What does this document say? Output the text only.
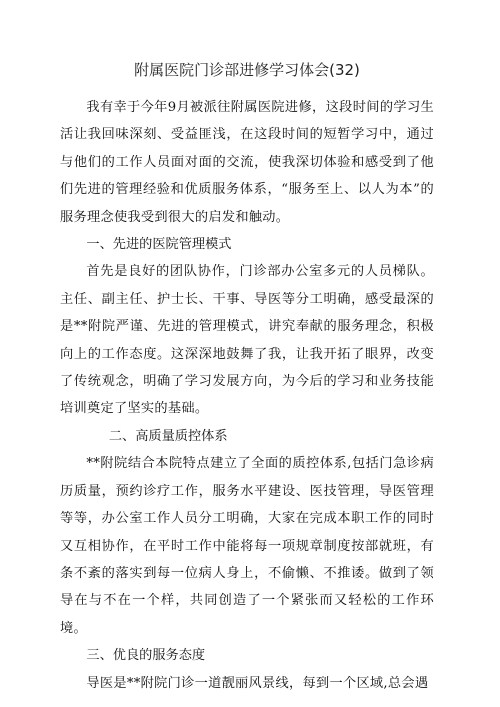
附属医院门诊部进修学习体会(32)

我有幸于今年9月被派往附属医院进修，这段时间的学习生活让我回味深刻、受益匪浅，在这段时间的短暂学习中，通过与他们的工作人员面对面的交流，使我深切体验和感受到了他们先进的管理经验和优质服务体系，“服务至上、以人为本”的服务理念使我受到很大的启发和触动。

一、先进的医院管理模式

首先是良好的团队协作，门诊部办公室多元的人员梯队。主任、副主任、护士长、干事、导医等分工明确，感受最深的是**附院严谨、先进的管理模式，讲究奉献的服务理念，积极向上的工作态度。这深深地鼓舞了我，让我开拓了眼界，改变了传统观念，明确了学习发展方向，为今后的学习和业务技能培训奠定了坚实的基础。

二、高质量质控体系

**附院结合本院特点建立了全面的质控体系,包括门急诊病历质量，预约诊疗工作，服务水平建设、医技管理，导医管理等等，办公室工作人员分工明确，大家在完成本职工作的同时又互相协作，在平时工作中能将每一项规章制度按部就班，有条不紊的落实到每一位病人身上，不偷懒、不推诿。做到了领导在与不在一个样，共同创造了一个紧张而又轻松的工作环境。

三、优良的服务态度

导医是**附院门诊一道靓丽风景线，每到一个区域,总会遇
